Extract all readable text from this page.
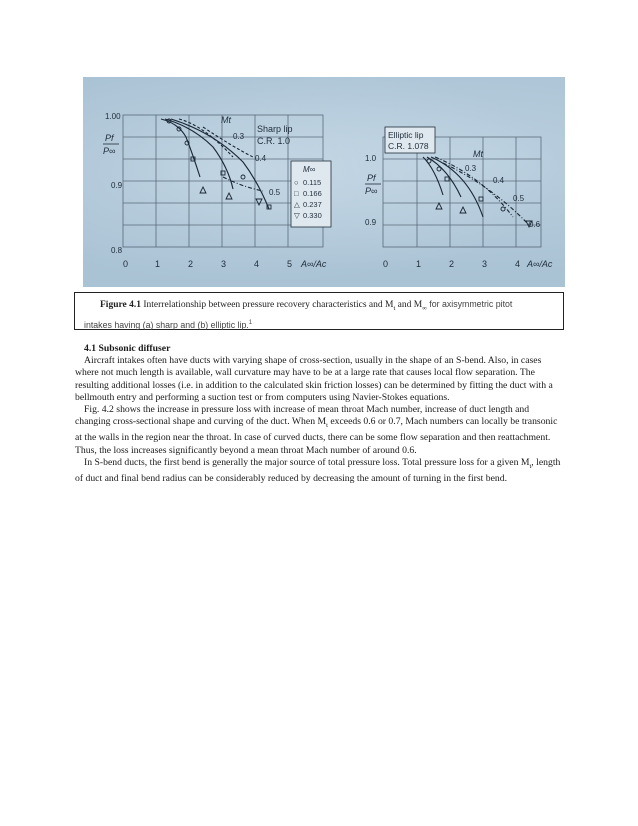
1.00
0.9
0.8
Pf
P∞
0	1	2	3	4	5 A∞/Ac
Mt
Sharp lip
C.R. 1.0
0.3
0.4
0.5
M∞
○ 0.115
□ 0.166
△ 0.237
▽ 0.330
1.0
0.9
Pf
P∞
0	1	2	3	4 A∞/Ac
Elliptic lip
C.R. 1.078
Mt
0.3
0.4
0.5
0.6
Figure 4.1 Interrelationship between pressure recovery characteristics and $M_t$ and $M_\infty$ for axisymmetric pitot
intakes having (a) sharp and (b) elliptic lip.$^1$

4.1 Subsonic diffuser

Aircraft intakes often have ducts with varying shape of cross-section, usually in the shape of an S-bend. Also, in cases where not much length is available, wall curvature may have to be at a large rate that causes local flow separation. The resulting additional losses (i.e. in addition to the calculated skin friction losses) can be determined by fitting the duct with a bellmouth entry and performing a suction test or from computers using Navier-Stokes equations.

Fig. 4.2 shows the increase in pressure loss with increase of mean throat Mach number, increase of duct length and changing cross-sectional shape and curving of the duct. When $M_t$ exceeds 0.6 or 0.7, Mach numbers can locally be transonic at the walls in the region near the throat. In case of curved ducts, there can be some flow separation and then reattachment. Thus, the loss increases significantly beyond a mean throat Mach number of around 0.6.

In S-bend ducts, the first bend is generally the major source of total pressure loss. Total pressure loss for a given $M_t$, length of duct and final bend radius can be considerably reduced by decreasing the amount of turning in the first bend.
